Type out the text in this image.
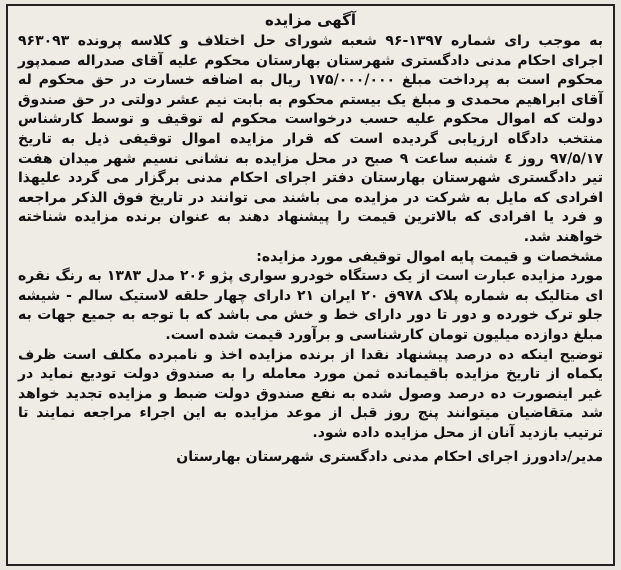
آگهی مزایده

به موجب رای شماره ۱۳۹۷-۹۶ شعبه شورای حل اختلاف و کلاسه پرونده ۹۶۳۰۹۳ اجرای احکام مدنی دادگستری شهرستان بهارستان محکوم علیه آقای صدراله صمدپور محکوم است به پرداخت مبلغ ۱۷۵/۰۰۰/۰۰۰ ریال به اضافه خسارت در حق محکوم له آقای ابراهیم محمدی و مبلغ یک بیستم محکوم به بابت نیم عشر دولتی در حق صندوق دولت که اموال محکوم علیه حسب درخواست محکوم له توقیف و توسط کارشناس منتخب دادگاه ارزیابی گردیده است که قرار مزایده اموال توقیفی ذیل به تاریخ ۹۷/۵/۱۷ روز ٤ شنبه ساعت ۹ صبح در محل مزایده به نشانی نسیم شهر میدان هفت تیر دادگستری شهرستان بهارستان دفتر اجرای احکام مدنی برگزار می گردد علیهذا افرادی که مایل به شرکت در مزایده می باشند می توانند در تاریخ فوق الذکر مراجعه و فرد یا افرادی که بالاترین قیمت را پیشنهاد دهند به عنوان برنده مزایده شناخته خواهند شد.

مشخصات و قیمت پایه اموال توقیفی مورد مزایده:

مورد مزایده عبارت است از یک دستگاه خودرو سواری پژو ۲۰۶ مدل ۱۳۸۳ به رنگ نقره ای متالیک به شماره پلاک ۹۷۸ق ۲۰ ایران ۲۱ دارای چهار حلقه لاستیک سالم - شیشه جلو ترک خورده و دور تا دور دارای خط و خش می باشد که با توجه به جمیع جهات به مبلغ دوازده میلیون تومان کارشناسی و برآورد قیمت شده است.

توضیح اینکه ده درصد پیشنهاد نقدا از برنده مزایده اخذ و نامبرده مکلف است ظرف یکماه از تاریخ مزایده باقیمانده ثمن مورد معامله را به صندوق دولت تودیع نماید در غیر اینصورت ده درصد وصول شده به نفع صندوق دولت ضبط و مزایده تجدید خواهد شد متقاضیان میتوانند پنج روز قبل از موعد مزایده به این اجراء مراجعه نمایند تا ترتیب بازدید آنان از محل مزایده داده شود.

مدیر/دادورز اجرای احکام مدنی دادگستری شهرستان بهارستان
